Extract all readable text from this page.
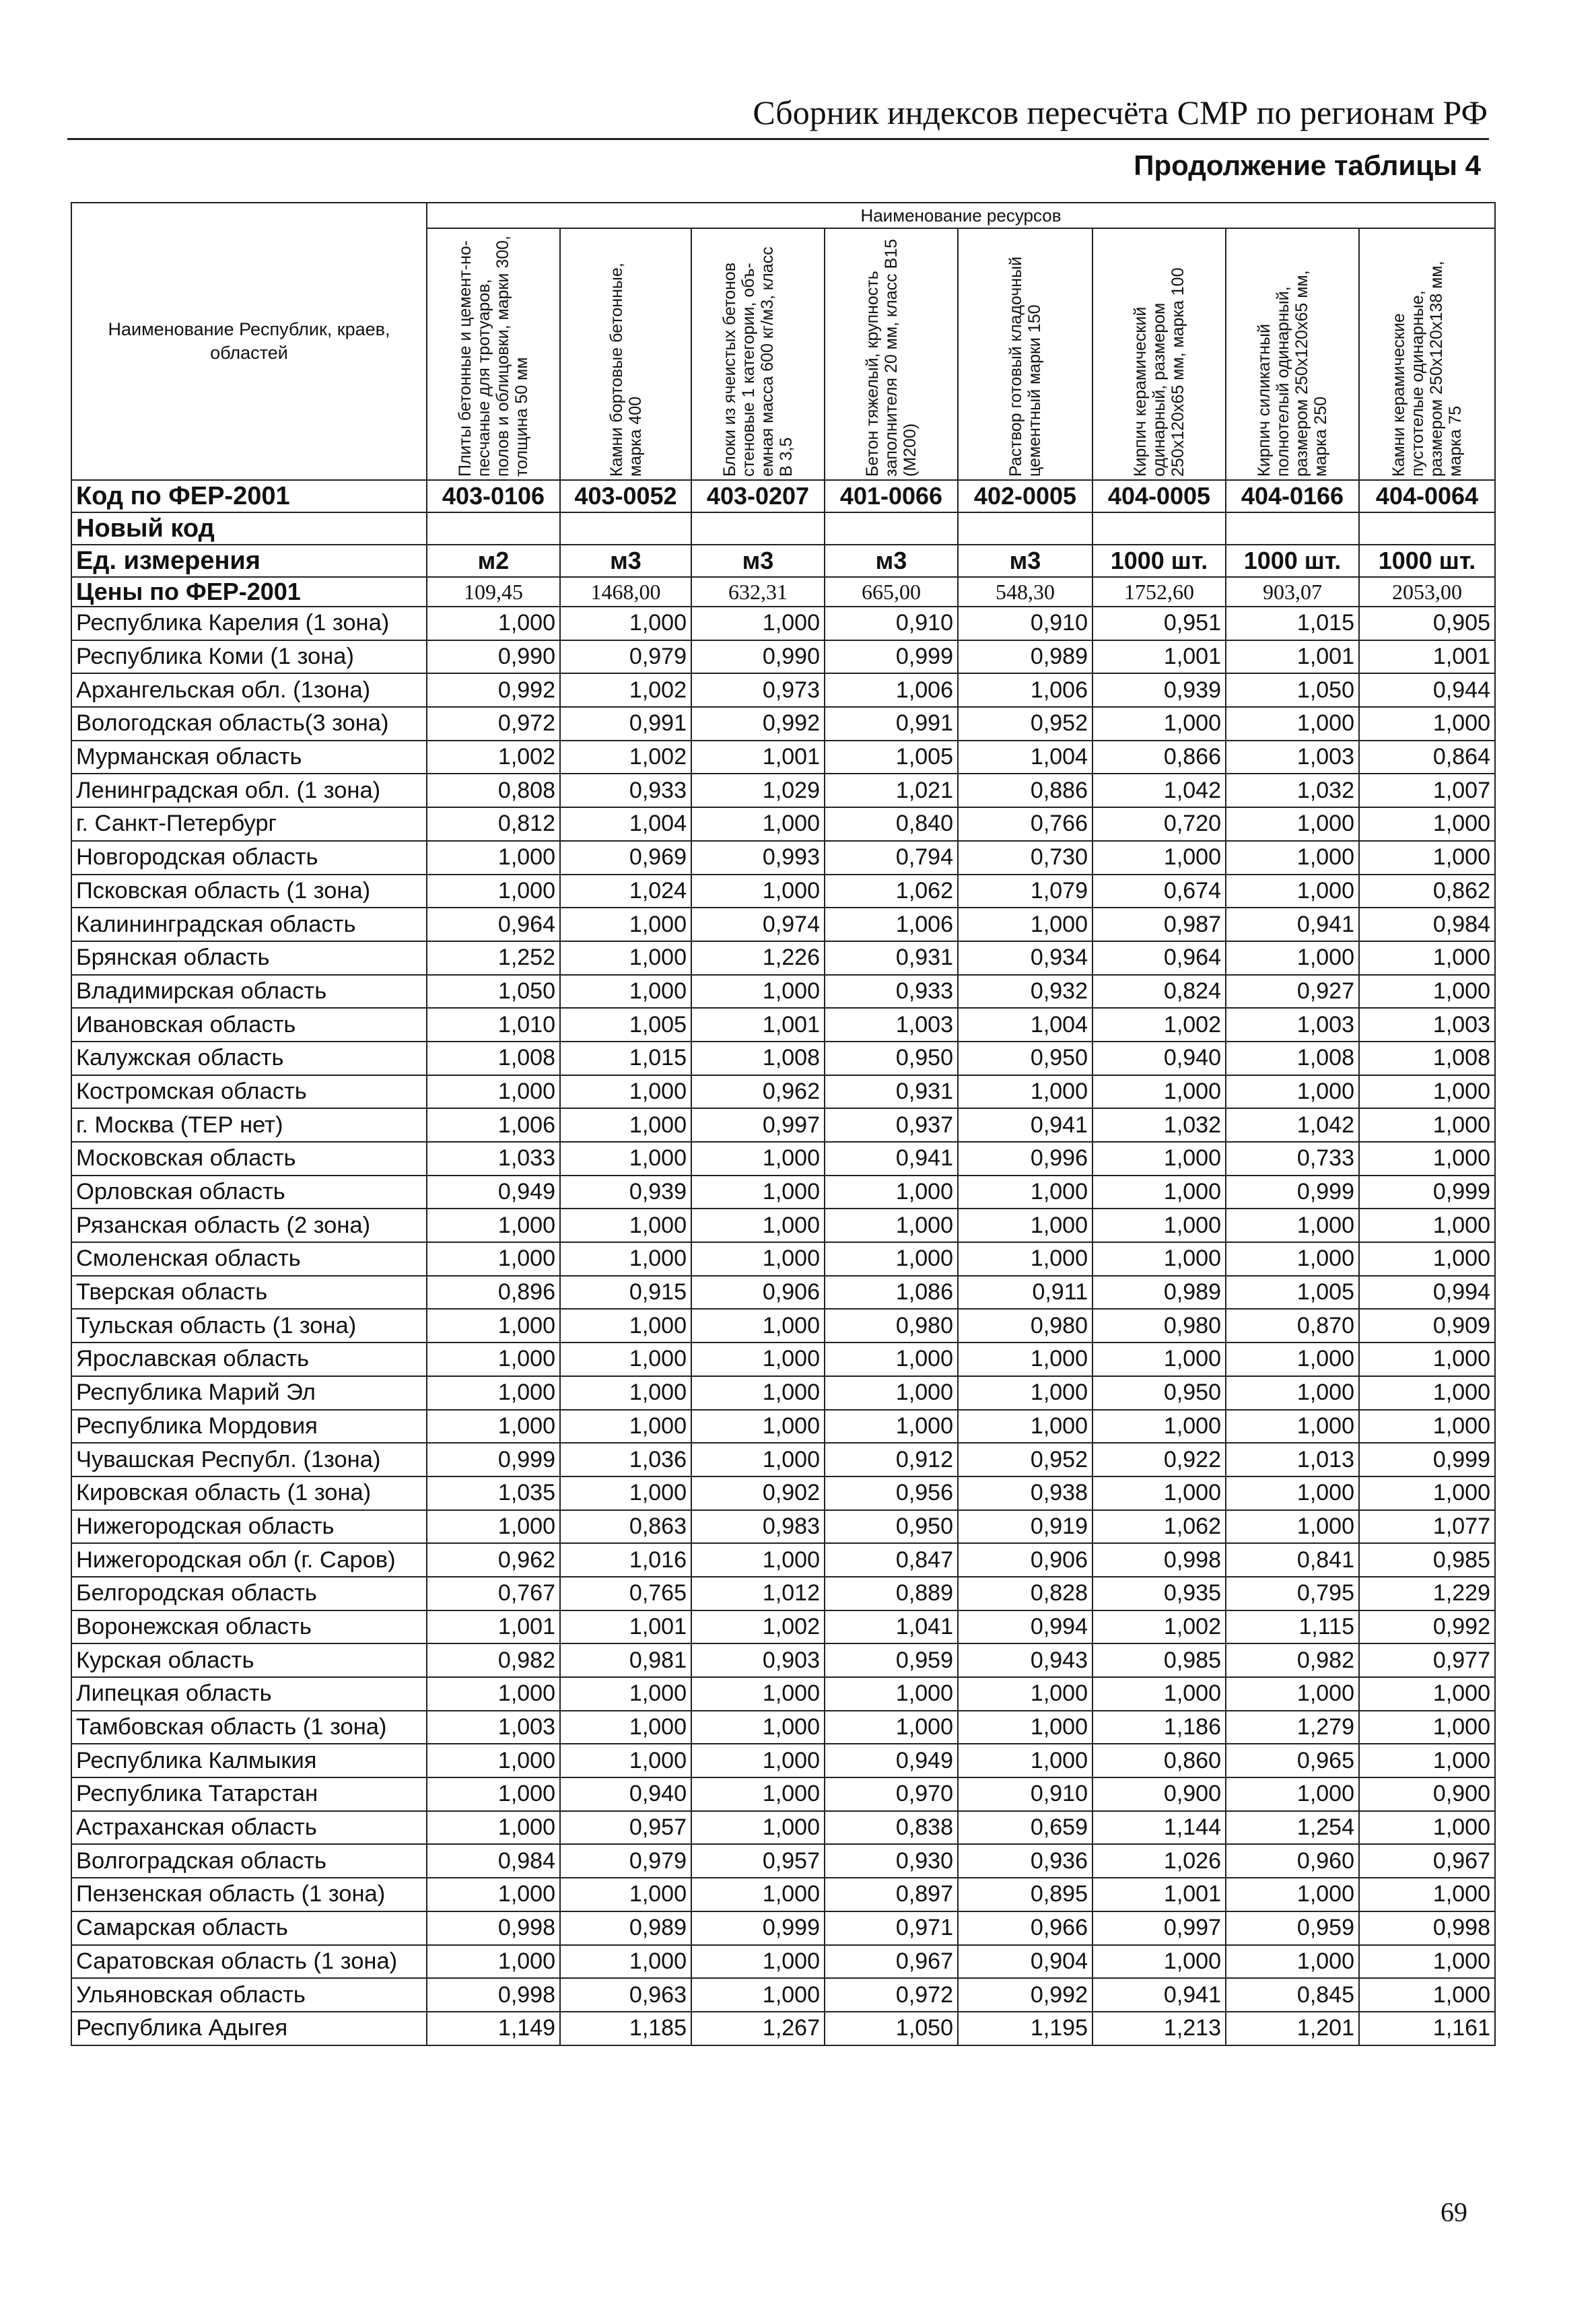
Сборник индексов пересчёта СМР по регионам РФ
Продолжение таблицы 4
Наименование Республик, краев, областей	Наименование ресурсов							

	Плиты бетонные и цемент-но-песчаные для тротуаров, полов и облицовки, марки 300, толщина 50 мм	Камни бортовые бетонные, марка 400	Блоки из ячеистых бетонов стеновые 1 категории, объ-емная масса 600 кг/м3, класс В 3,5	Бетон тяжелый, крупность заполнителя 20 мм, класс В15 (М200)	Раствор готовый кладочный цементный марки 150	Кирпич керамический одинарный, размером 250х120х65 мм, марка 100	Кирпич силикатный полнотелый одинарный, размером 250х120х65 мм, марка 250	Камни керамические пустотелые одинарные, размером 250х120х138 мм, марка 75

Код по ФЕР-2001	403-0106	403-0052	403-0207	401-0066	402-0005	404-0005	404-0166	404-0064
Новый код								
Ед. измерения	м2	м3	м3	м3	м3	1000 шт.	1000 шт.	1000 шт.
Цены по ФЕР-2001	109,45	1468,00	632,31	665,00	548,30	1752,60	903,07	2053,00
Республика Карелия (1 зона)	1,000	1,000	1,000	0,910	0,910	0,951	1,015	0,905
Республика Коми (1 зона)	0,990	0,979	0,990	0,999	0,989	1,001	1,001	1,001
Архангельская обл. (1зона)	0,992	1,002	0,973	1,006	1,006	0,939	1,050	0,944
Вологодская область(3 зона)	0,972	0,991	0,992	0,991	0,952	1,000	1,000	1,000
Мурманская область	1,002	1,002	1,001	1,005	1,004	0,866	1,003	0,864
Ленинградская обл. (1 зона)	0,808	0,933	1,029	1,021	0,886	1,042	1,032	1,007
г. Санкт-Петербург	0,812	1,004	1,000	0,840	0,766	0,720	1,000	1,000
Новгородская область	1,000	0,969	0,993	0,794	0,730	1,000	1,000	1,000
Псковская область (1 зона)	1,000	1,024	1,000	1,062	1,079	0,674	1,000	0,862
Калининградская область	0,964	1,000	0,974	1,006	1,000	0,987	0,941	0,984
Брянская область	1,252	1,000	1,226	0,931	0,934	0,964	1,000	1,000
Владимирская область	1,050	1,000	1,000	0,933	0,932	0,824	0,927	1,000
Ивановская область	1,010	1,005	1,001	1,003	1,004	1,002	1,003	1,003
Калужская область	1,008	1,015	1,008	0,950	0,950	0,940	1,008	1,008
Костромская область	1,000	1,000	0,962	0,931	1,000	1,000	1,000	1,000
г. Москва (ТЕР нет)	1,006	1,000	0,997	0,937	0,941	1,032	1,042	1,000
Московская область	1,033	1,000	1,000	0,941	0,996	1,000	0,733	1,000
Орловская область	0,949	0,939	1,000	1,000	1,000	1,000	0,999	0,999
Рязанская область (2 зона)	1,000	1,000	1,000	1,000	1,000	1,000	1,000	1,000
Смоленская область	1,000	1,000	1,000	1,000	1,000	1,000	1,000	1,000
Тверская область	0,896	0,915	0,906	1,086	0,911	0,989	1,005	0,994
Тульская область (1 зона)	1,000	1,000	1,000	0,980	0,980	0,980	0,870	0,909
Ярославская область	1,000	1,000	1,000	1,000	1,000	1,000	1,000	1,000
Республика Марий Эл	1,000	1,000	1,000	1,000	1,000	0,950	1,000	1,000
Республика Мордовия	1,000	1,000	1,000	1,000	1,000	1,000	1,000	1,000
Чувашская Республ. (1зона)	0,999	1,036	1,000	0,912	0,952	0,922	1,013	0,999
Кировская область (1 зона)	1,035	1,000	0,902	0,956	0,938	1,000	1,000	1,000
Нижегородская область	1,000	0,863	0,983	0,950	0,919	1,062	1,000	1,077
Нижегородская обл (г. Саров)	0,962	1,016	1,000	0,847	0,906	0,998	0,841	0,985
Белгородская область	0,767	0,765	1,012	0,889	0,828	0,935	0,795	1,229
Воронежская область	1,001	1,001	1,002	1,041	0,994	1,002	1,115	0,992
Курская область	0,982	0,981	0,903	0,959	0,943	0,985	0,982	0,977
Липецкая область	1,000	1,000	1,000	1,000	1,000	1,000	1,000	1,000
Тамбовская область (1 зона)	1,003	1,000	1,000	1,000	1,000	1,186	1,279	1,000
Республика Калмыкия	1,000	1,000	1,000	0,949	1,000	0,860	0,965	1,000
Республика Татарстан	1,000	0,940	1,000	0,970	0,910	0,900	1,000	0,900
Астраханская область	1,000	0,957	1,000	0,838	0,659	1,144	1,254	1,000
Волгоградская область	0,984	0,979	0,957	0,930	0,936	1,026	0,960	0,967
Пензенская область (1 зона)	1,000	1,000	1,000	0,897	0,895	1,001	1,000	1,000
Самарская область	0,998	0,989	0,999	0,971	0,966	0,997	0,959	0,998
Саратовская область (1 зона)	1,000	1,000	1,000	0,967	0,904	1,000	1,000	1,000
Ульяновская область	0,998	0,963	1,000	0,972	0,992	0,941	0,845	1,000
Республика Адыгея	1,149	1,185	1,267	1,050	1,195	1,213	1,201	1,161
69
